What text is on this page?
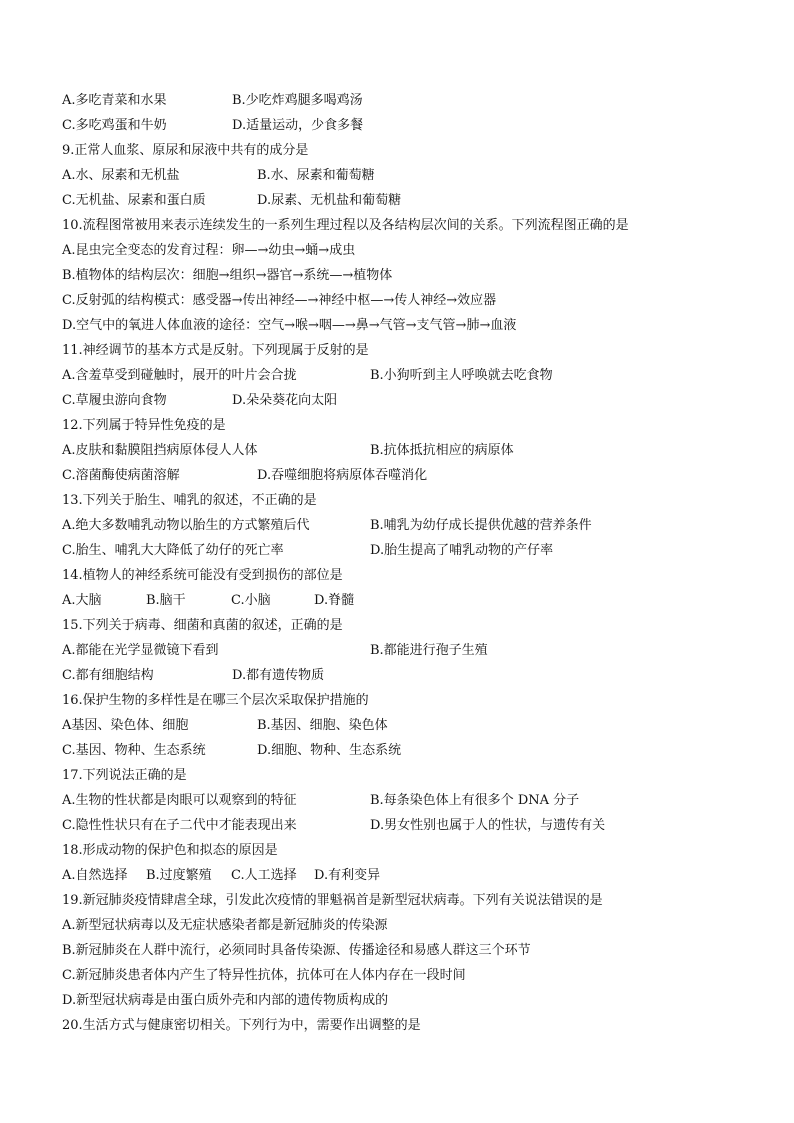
A.多吃青菜和水果	B.少吃炸鸡腿多喝鸡汤
C.多吃鸡蛋和牛奶	D.适量运动，少食多餐
9.正常人血浆、原尿和尿液中共有的成分是
A.水、尿素和无机盐	B.水、尿素和葡萄糖
C.无机盐、尿素和蛋白质	D.尿素、无机盐和葡萄糖
10.流程图常被用来表示连续发生的一系列生理过程以及各结构层次间的关系。下列流程图正确的是
A.昆虫完全变态的发育过程：卵—→幼虫→蛹→成虫
B.植物体的结构层次：细胞→组织→器官→系统—→植物体
C.反射弧的结构模式：感受器→传出神经—→神经中枢—→传人神经→效应器
D.空气中的氧进人体血液的途径：空气→喉→咽—→鼻→气管→支气管→肺→血液
11.神经调节的基本方式是反射。下列现属于反射的是
A.含羞草受到碰触时，展开的叶片会合拢	B.小狗听到主人呼唤就去吃食物
C.草履虫游向食物	D.朵朵葵花向太阳
12.下列属于特异性免疫的是
A.皮肤和黏膜阻挡病原体侵人人体	B.抗体抵抗相应的病原体
C.溶菌酶使病菌溶解	D.吞噬细胞将病原体吞噬消化
13.下列关于胎生、哺乳的叙述，不正确的是
A.绝大多数哺乳动物以胎生的方式繁殖后代	B.哺乳为幼仔成长提供优越的营养条件
C.胎生、哺乳大大降低了幼仔的死亡率	D.胎生提高了哺乳动物的产仔率
14.植物人的神经系统可能没有受到损伤的部位是
A.大脑	B.脑干	C.小脑	D.脊髓
15.下列关于病毒、细菌和真菌的叙述，正确的是
A.都能在光学显微镜下看到	B.都能进行孢子生殖
C.都有细胞结构	D.都有遗传物质
16.保护生物的多样性是在哪三个层次采取保护措施的
A基因、染色体、细胞	B.基因、细胞、染色体
C.基因、物种、生态系统	D.细胞、物种、生态系统
17.下列说法正确的是
A.生物的性状都是肉眼可以观察到的特征	B.每条染色体上有很多个 DNA 分子
C.隐性性状只有在子二代中才能表现出来	D.男女性别也属于人的性状，与遗传有关
18.形成动物的保护色和拟态的原因是
A.自然选择 B.过度繁殖 C.人工选择 D.有利变异
19.新冠肺炎疫情肆虐全球，引发此次疫情的罪魁祸首是新型冠状病毒。下列有关说法错误的是
A.新型冠状病毒以及无症状感染者都是新冠肺炎的传染源
B.新冠肺炎在人群中流行，必须同时具备传染源、传播途径和易感人群这三个环节
C.新冠肺炎患者体内产生了特异性抗体，抗体可在人体内存在一段时间
D.新型冠状病毒是由蛋白质外壳和内部的遗传物质构成的
20.生活方式与健康密切相关。下列行为中，需要作出调整的是
